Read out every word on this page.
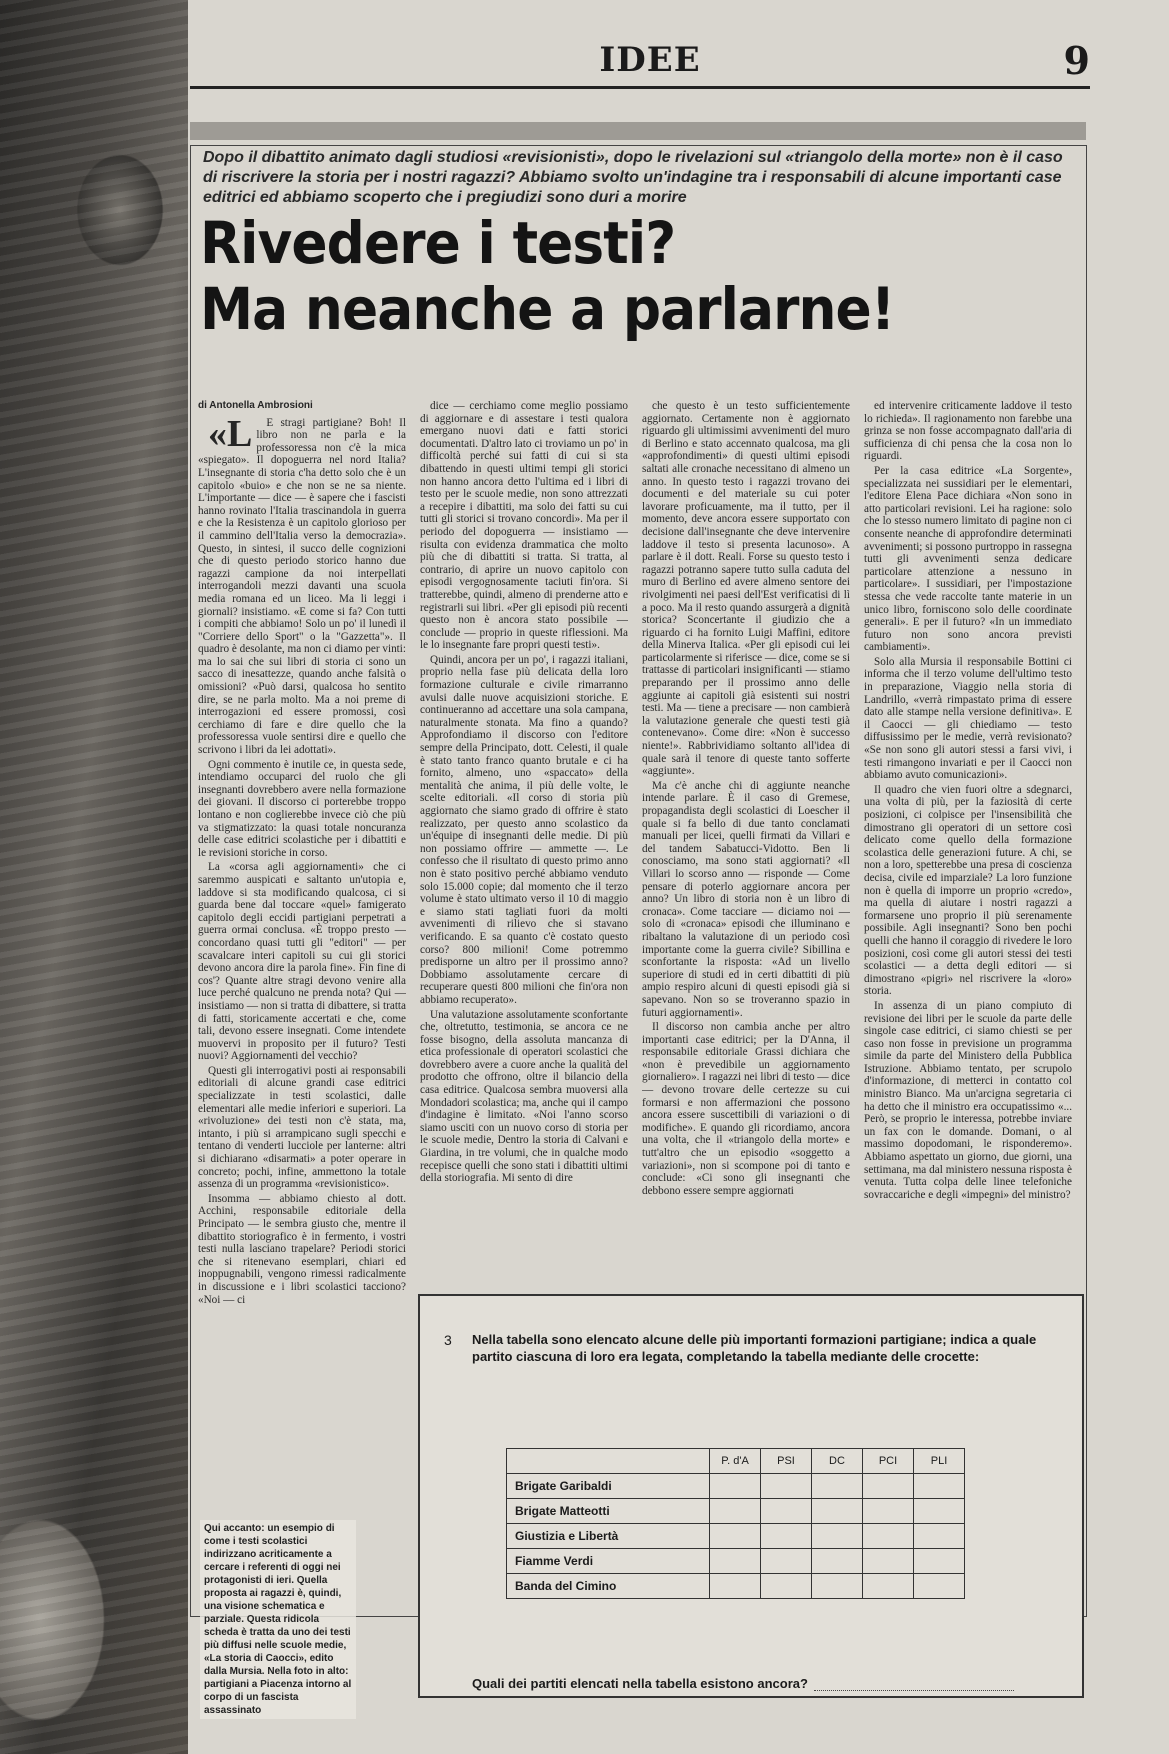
IDEE	9
Dopo il dibattito animato dagli studiosi «revisionisti», dopo le rivelazioni sul «triangolo della morte» non è il caso di riscrivere la storia per i nostri ragazzi? Abbiamo svolto un'indagine tra i responsabili di alcune importanti case editrici ed abbiamo scoperto che i pregiudizi sono duri a morire
Rivedere i testi?
Ma neanche a parlarne!
di Antonella Ambrosioni

«L E stragi partigiane? Boh! Il libro non ne parla e la professoressa non c'è la mica «spiegato». Il dopoguerra nel nord Italia? L'insegnante di storia c'ha detto solo che è un capitolo «buio» e che non se ne sa niente. L'importante — dice — è sapere che i fascisti hanno rovinato l'Italia trascinandola in guerra e che la Resistenza è un capitolo glorioso per il cammino dell'Italia verso la democrazia». Questo, in sintesi, il succo delle cognizioni che di questo periodo storico hanno due ragazzi campione da noi interpellati interrogandoli mezzi davanti una scuola media romana ed un liceo. Ma li leggi i giornali? insistiamo. «E come si fa? Con tutti i compiti che abbiamo! Solo un po' il lunedì il "Corriere dello Sport" o la "Gazzetta"». Il quadro è desolante, ma non ci diamo per vinti: ma lo sai che sui libri di storia ci sono un sacco di inesattezze, quando anche falsità o omissioni? «Può darsi, qualcosa ho sentito dire, se ne parla molto. Ma a noi preme di interrogazioni ed essere promossi, così cerchiamo di fare e dire quello che la professoressa vuole sentirsi dire e quello che scrivono i libri da lei adottati».

Ogni commento è inutile ce, in questa sede, intendiamo occuparci del ruolo che gli insegnanti dovrebbero avere nella formazione dei giovani. Il discorso ci porterebbe troppo lontano e non coglierebbe invece ciò che più va stigmatizzato: la quasi totale noncuranza delle case editrici scolastiche per i dibattiti e le revisioni storiche in corso.

La «corsa agli aggiornamenti» che ci saremmo auspicati e saltanto un'utopia e, laddove si sta modificando qualcosa, ci si guarda bene dal toccare «quel» famigerato capitolo degli eccidi partigiani perpetrati a guerra ormai conclusa. «È troppo presto — concordano quasi tutti gli "editori" — per scavalcare interi capitoli su cui gli storici devono ancora dire la parola fine». Fin fine di cos'? Quante altre stragi devono venire alla luce perché qualcuno ne prenda nota? Qui — insistiamo — non si tratta di dibattere, si tratta di fatti, storicamente accertati e che, come tali, devono essere insegnati. Come intendete muovervi in proposito per il futuro? Testi nuovi? Aggiornamenti del vecchio?

Questi gli interrogativi posti ai responsabili editoriali di alcune grandi case editrici specializzate in testi scolastici, dalle elementari alle medie inferiori e superiori. La «rivoluzione» dei testi non c'è stata, ma, intanto, i più si arrampicano sugli specchi e tentano di venderti lucciole per lanterne: altri si dichiarano «disarmati» a poter operare in concreto; pochi, infine, ammettono la totale assenza di un programma «revisionistico».

Insomma — abbiamo chiesto al dott. Acchini, responsabile editoriale della Principato — le sembra giusto che, mentre il dibattito storiografico è in fermento, i vostri testi nulla lasciano trapelare? Periodi storici che si ritenevano esemplari, chiari ed inoppugnabili, vengono rimessi radicalmente in discussione e i libri scolastici tacciono? «Noi — ci

dice — cerchiamo come meglio possiamo di aggiornare e di assestare i testi qualora emergano nuovi dati e fatti storici documentati. D'altro lato ci troviamo un po' in difficoltà perché sui fatti di cui si sta dibattendo in questi ultimi tempi gli storici non hanno ancora detto l'ultima ed i libri di testo per le scuole medie, non sono attrezzati a recepire i dibattiti, ma solo dei fatti su cui tutti gli storici si trovano concordi». Ma per il periodo del dopoguerra — insistiamo — risulta con evidenza drammatica che molto più che di dibattiti si tratta. Si tratta, al contrario, di aprire un nuovo capitolo con episodi vergognosamente taciuti fin'ora. Si tratterebbe, quindi, almeno di prenderne atto e registrarli sui libri. «Per gli episodi più recenti questo non è ancora stato possibile — conclude — proprio in queste riflessioni. Ma le lo insegnante fare propri questi testi».

Quindi, ancora per un po', i ragazzi italiani, proprio nella fase più delicata della loro formazione culturale e civile rimarranno avulsi dalle nuove acquisizioni storiche. E continueranno ad accettare una sola campana, naturalmente stonata. Ma fino a quando? Approfondiamo il discorso con l'editore sempre della Principato, dott. Celesti, il quale è stato tanto franco quanto brutale e ci ha fornito, almeno, uno «spaccato» della mentalità che anima, il più delle volte, le scelte editoriali. «Il corso di storia più aggiornato che siamo grado di offrire è stato realizzato, per questo anno scolastico da un'équipe di insegnanti delle medie. Di più non possiamo offrire — ammette —. Le confesso che il risultato di questo primo anno non è stato positivo perché abbiamo venduto solo 15.000 copie; dal momento che il terzo volume è stato ultimato verso il 10 di maggio e siamo stati tagliati fuori da molti avvenimenti di rilievo che si stavano verificando. E sa quanto c'è costato questo corso? 800 milioni! Come potremmo predisporne un altro per il prossimo anno? Dobbiamo assolutamente cercare di recuperare questi 800 milioni che fin'ora non abbiamo recuperato».

Una valutazione assolutamente sconfortante che, oltretutto, testimonia, se ancora ce ne fosse bisogno, della assoluta mancanza di etica professionale di operatori scolastici che dovrebbero avere a cuore anche la qualità del prodotto che offrono, oltre il bilancio della casa editrice. Qualcosa sembra muoversi alla Mondadori scolastica; ma, anche qui il campo d'indagine è limitato. «Noi l'anno scorso siamo usciti con un nuovo corso di storia per le scuole medie, Dentro la storia di Calvani e Giardina, in tre volumi, che in qualche modo recepisce quelli che sono stati i dibattiti ultimi della storiografia. Mi sento di dire

che questo è un testo sufficientemente aggiornato. Certamente non è aggiornato riguardo gli ultimissimi avvenimenti del muro di Berlino e stato accennato qualcosa, ma gli «approfondimenti» di questi ultimi episodi saltati alle cronache necessitano di almeno un anno. In questo testo i ragazzi trovano dei documenti e del materiale su cui poter lavorare proficuamente, ma il tutto, per il momento, deve ancora essere supportato con decisione dall'insegnante che deve intervenire laddove il testo si presenta lacunoso». A parlare è il dott. Reali. Forse su questo testo i ragazzi potranno sapere tutto sulla caduta del muro di Berlino ed avere almeno sentore dei rivolgimenti nei paesi dell'Est verificatisi di lì a poco. Ma il resto quando assurgerà a dignità storica? Sconcertante il giudizio che a riguardo ci ha fornito Luigi Maffini, editore della Minerva Italica. «Per gli episodi cui lei particolarmente si riferisce — dice, come se si trattasse di particolari insignificanti — stiamo preparando per il prossimo anno delle aggiunte ai capitoli già esistenti sui nostri testi. Ma — tiene a precisare — non cambierà la valutazione generale che questi testi già contenevano». Come dire: «Non è successo niente!». Rabbrividiamo soltanto all'idea di quale sarà il tenore di queste tanto sofferte «aggiunte».

Ma c'è anche chi di aggiunte neanche intende parlare. È il caso di Gremese, propagandista degli scolastici di Loescher il quale si fa bello di due tanto conclamati manuali per licei, quelli firmati da Villari e del tandem Sabatucci-Vidotto. Ben li conosciamo, ma sono stati aggiornati? «Il Villari lo scorso anno — risponde — Come pensare di poterlo aggiornare ancora per anno? Un libro di storia non è un libro di cronaca». Come tacciare — diciamo noi — solo di «cronaca» episodi che illuminano e ribaltano la valutazione di un periodo così importante come la guerra civile? Sibillina e sconfortante la risposta: «Ad un livello superiore di studi ed in certi dibattiti di più ampio respiro alcuni di questi episodi già si sapevano. Non so se troveranno spazio in futuri aggiornamenti».

Il discorso non cambia anche per altro importanti case editrici; per la D'Anna, il responsabile editoriale Grassi dichiara che «non è prevedibile un aggiornamento giornaliero». I ragazzi nei libri di testo — dice — devono trovare delle certezze su cui formarsi e non affermazioni che possono ancora essere suscettibili di variazioni o di modifiche». E quando gli ricordiamo, ancora una volta, che il «triangolo della morte» e tutt'altro che un episodio «soggetto a variazioni», non si scompone poi di tanto e conclude: «Ci sono gli insegnanti che debbono essere sempre aggiornati

ed intervenire criticamente laddove il testo lo richieda». Il ragionamento non farebbe una grinza se non fosse accompagnato dall'aria di sufficienza di chi pensa che la cosa non lo riguardi.

Per la casa editrice «La Sorgente», specializzata nei sussidiari per le elementari, l'editore Elena Pace dichiara «Non sono in atto particolari revisioni. Lei ha ragione: solo che lo stesso numero limitato di pagine non ci consente neanche di approfondire determinati avvenimenti; si possono purtroppo in rassegna tutti gli avvenimenti senza dedicare particolare attenzione a nessuno in particolare». I sussidiari, per l'impostazione stessa che vede raccolte tante materie in un unico libro, forniscono solo delle coordinate generali». E per il futuro? «In un immediato futuro non sono ancora previsti cambiamenti».

Solo alla Mursia il responsabile Bottini ci informa che il terzo volume dell'ultimo testo in preparazione, Viaggio nella storia di Landrillo, «verrà rimpastato prima di essere dato alle stampe nella versione definitiva». E il Caocci — gli chiediamo — testo diffusissimo per le medie, verrà revisionato? «Se non sono gli autori stessi a farsi vivi, i testi rimangono invariati e per il Caocci non abbiamo avuto comunicazioni».

Il quadro che vien fuori oltre a sdegnarci, una volta di più, per la faziosità di certe posizioni, ci colpisce per l'insensibilità che dimostrano gli operatori di un settore così delicato come quello della formazione scolastica delle generazioni future. A chi, se non a loro, spetterebbe una presa di coscienza decisa, civile ed imparziale? La loro funzione non è quella di imporre un proprio «credo», ma quella di aiutare i nostri ragazzi a formarsene uno proprio il più serenamente possibile. Agli insegnanti? Sono ben pochi quelli che hanno il coraggio di rivedere le loro posizioni, così come gli autori stessi dei testi scolastici — a detta degli editori — si dimostrano «pigri» nel riscrivere la «loro» storia.

In assenza di un piano compiuto di revisione dei libri per le scuole da parte delle singole case editrici, ci siamo chiesti se per caso non fosse in previsione un programma simile da parte del Ministero della Pubblica Istruzione. Abbiamo tentato, per scrupolo d'informazione, di metterci in contatto col ministro Bianco. Ma un'arcigna segretaria ci ha detto che il ministro era occupatissimo «... Però, se proprio le interessa, potrebbe inviare un fax con le domande. Domani, o al massimo dopodomani, le risponderemo». Abbiamo aspettato un giorno, due giorni, una settimana, ma dal ministero nessuna risposta è venuta. Tutta colpa delle linee telefoniche sovraccariche e degli «impegni» del ministro?

Qui accanto: un esempio di come i testi scolastici indirizzano acriticamente a cercare i referenti di oggi nei protagonisti di ieri. Quella proposta ai ragazzi è, quindi, una visione schematica e parziale. Questa ridicola scheda è tratta da uno dei testi più diffusi nelle scuole medie, «La storia di Caocci», edito dalla Mursia. Nella foto in alto: partigiani a Piacenza intorno al corpo di un fascista assassinato
3 Nella tabella sono elencato alcune delle più importanti formazioni partigiane; indica a quale partito ciascuna di loro era legata, completando la tabella mediante delle crocette:
	P. d'A	PSI	DC	PCI	PLI
Brigate Garibaldi					
Brigate Matteotti					
Giustizia e Libertà					
Fiamme Verdi					
Banda del Cimino					
Quali dei partiti elencati nella tabella esistono ancora?
